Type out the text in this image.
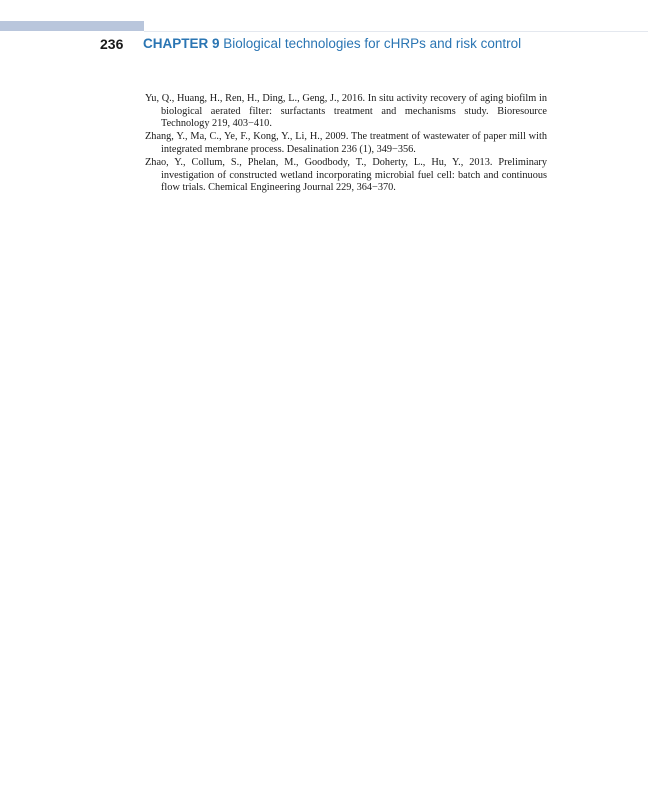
236 CHAPTER 9 Biological technologies for cHRPs and risk control
Yu, Q., Huang, H., Ren, H., Ding, L., Geng, J., 2016. In situ activity recovery of aging biofilm in biological aerated filter: surfactants treatment and mechanisms study. Bioresource Technology 219, 403−410.
Zhang, Y., Ma, C., Ye, F., Kong, Y., Li, H., 2009. The treatment of wastewater of paper mill with integrated membrane process. Desalination 236 (1), 349−356.
Zhao, Y., Collum, S., Phelan, M., Goodbody, T., Doherty, L., Hu, Y., 2013. Preliminary investigation of constructed wetland incorporating microbial fuel cell: batch and continuous flow trials. Chemical Engineering Journal 229, 364−370.
